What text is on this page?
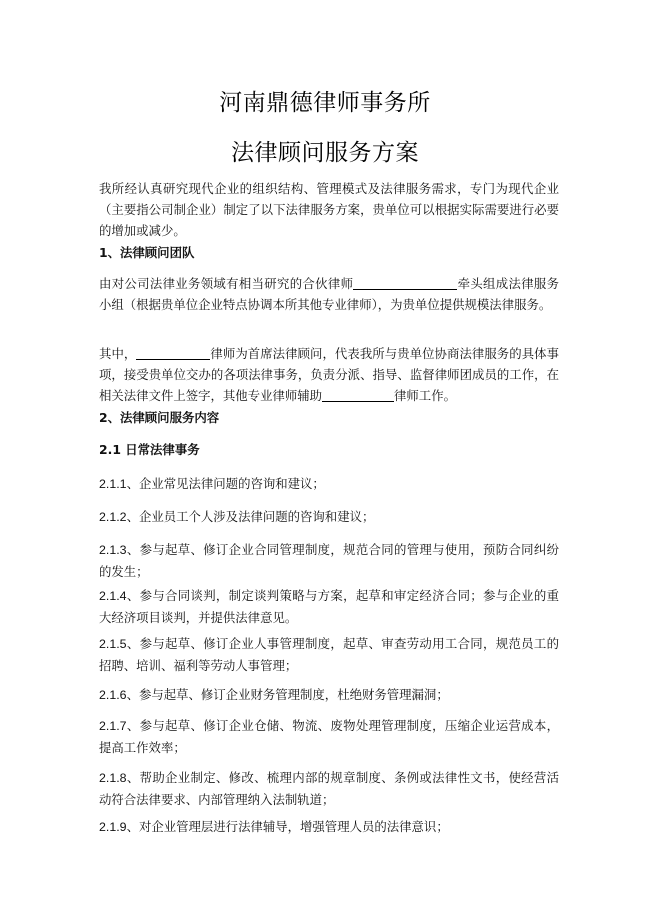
河南鼎德律师事务所
法律顾问服务方案

我所经认真研究现代企业的组织结构、管理模式及法律服务需求，专门为现代企业（主要指公司制企业）制定了以下法律服务方案，贵单位可以根据实际需要进行必要的增加或减少。

1、法律顾问团队

由对公司法律业务领域有相当研究的合伙律师	牵头组成法律服务小组（根据贵单位企业特点协调本所其他专业律师），为贵单位提供规模法律服务。

其中，	律师为首席法律顾问，代表我所与贵单位协商法律服务的具体事项，接受贵单位交办的各项法律事务，负责分派、指导、监督律师团成员的工作，在相关法律文件上签字，其他专业律师辅助	律师工作。

2、法律顾问服务内容

2.1 日常法律事务

2.1.1、企业常见法律问题的咨询和建议；

2.1.2、企业员工个人涉及法律问题的咨询和建议；

2.1.3、参与起草、修订企业合同管理制度，规范合同的管理与使用，预防合同纠纷的发生；

2.1.4、参与合同谈判，制定谈判策略与方案，起草和审定经济合同；参与企业的重大经济项目谈判，并提供法律意见。

2.1.5、参与起草、修订企业人事管理制度，起草、审查劳动用工合同，规范员工的招聘、培训、福利等劳动人事管理；

2.1.6、参与起草、修订企业财务管理制度，杜绝财务管理漏洞；

2.1.7、参与起草、修订企业仓储、物流、废物处理管理制度，压缩企业运营成本，提高工作效率；

2.1.8、帮助企业制定、修改、梳理内部的规章制度、条例或法律性文书，使经营活动符合法律要求、内部管理纳入法制轨道；

2.1.9、对企业管理层进行法律辅导，增强管理人员的法律意识；
